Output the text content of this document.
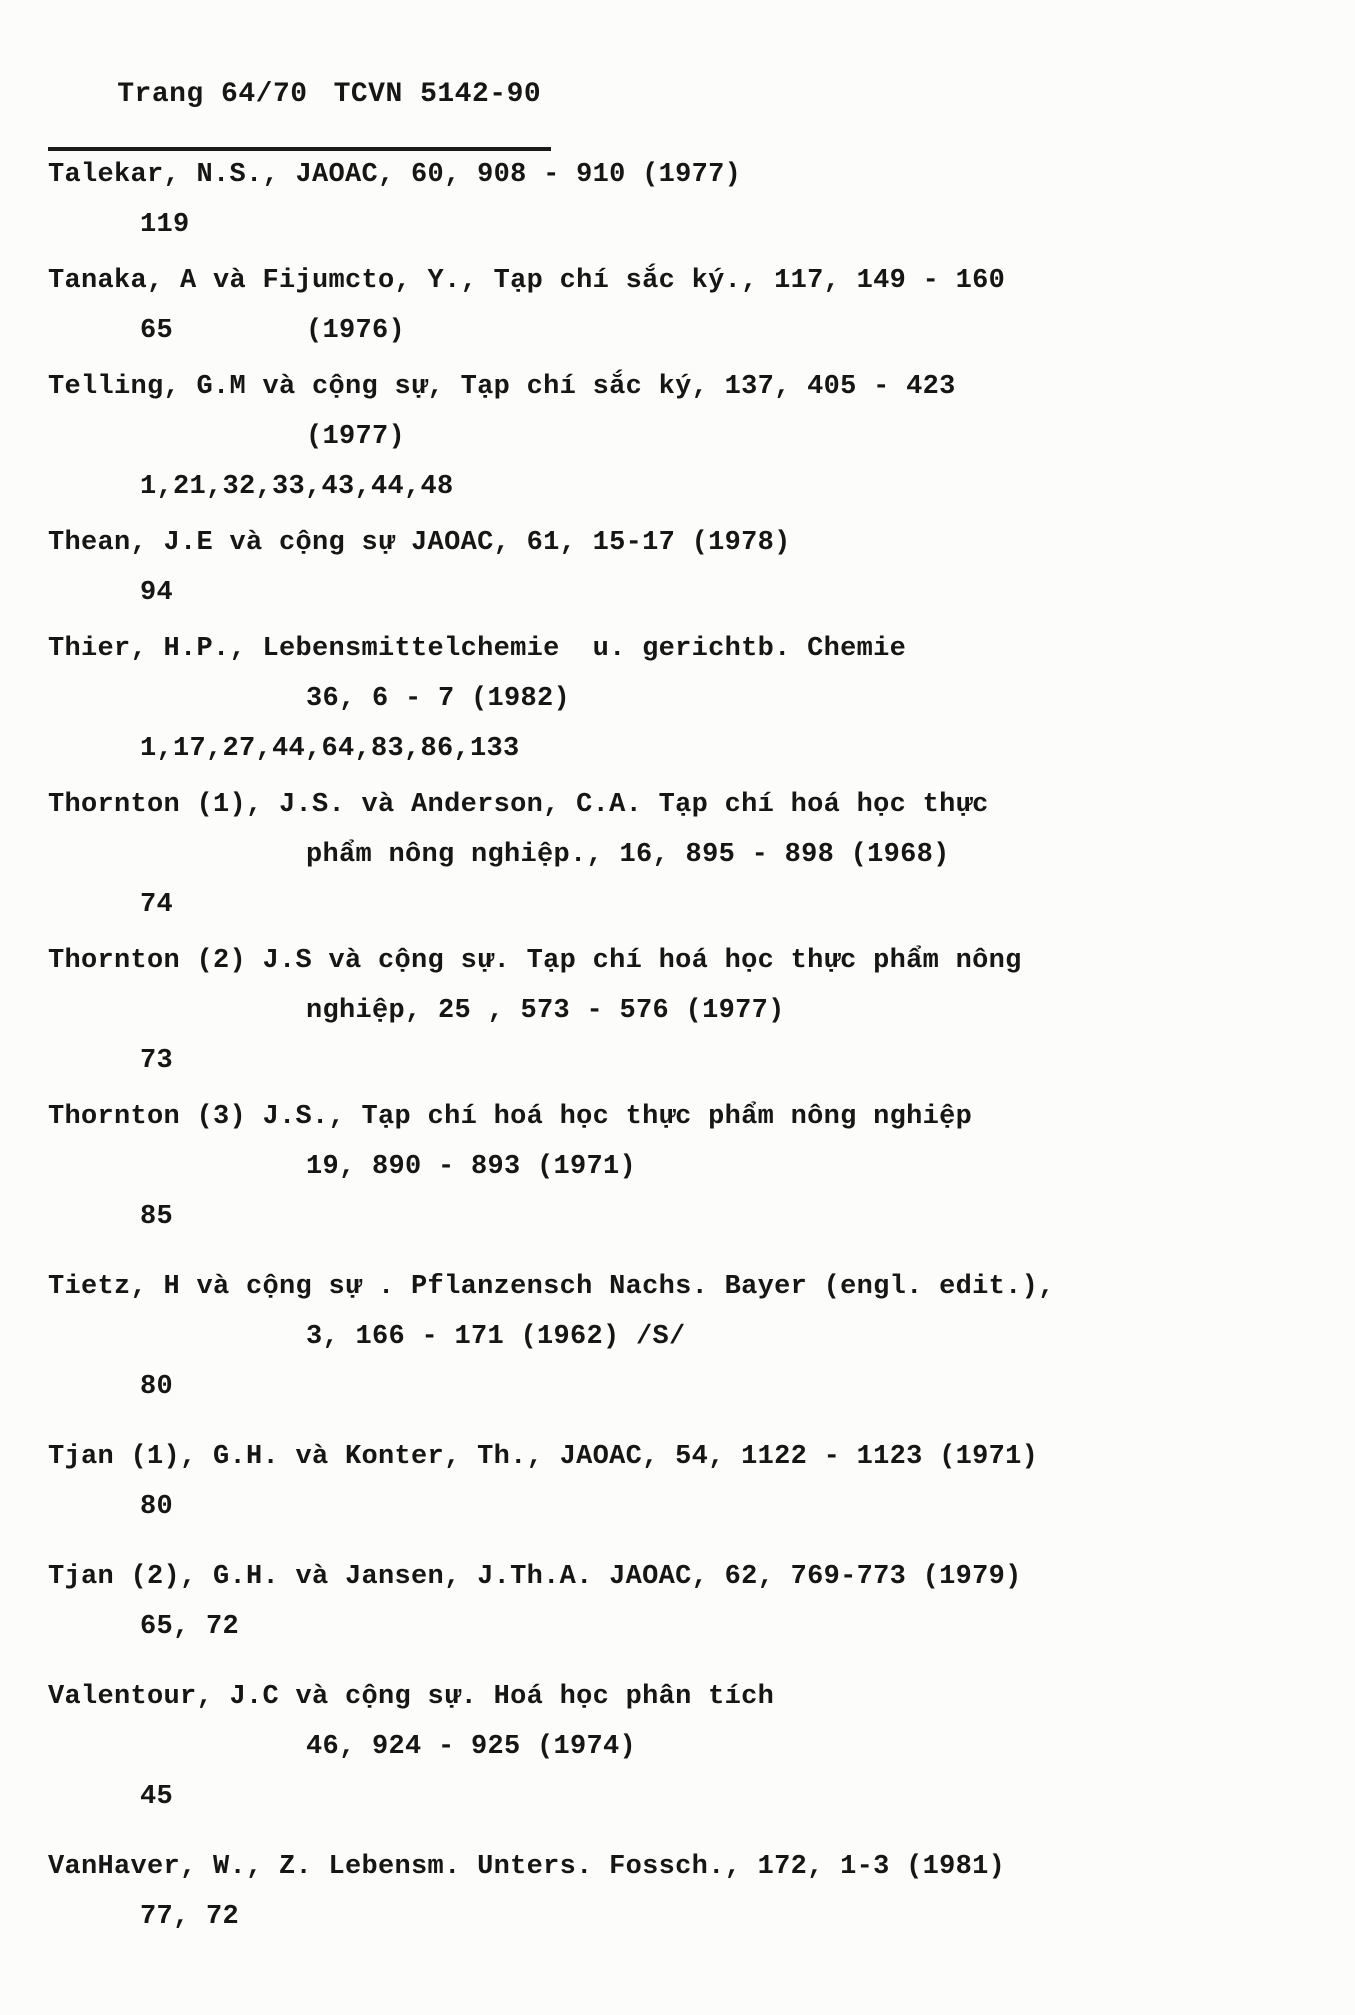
Trang 64/70 TCVN 5142-90

Talekar, N.S., JAOAC, 60, 908 - 910 (1977)
119
Tanaka, A và Fijumcto, Y., Tạp chí sắc ký., 117, 149 - 160
65	(1976)
Telling, G.M và cộng sự, Tạp chí sắc ký, 137, 405 - 423
(1977)
1,21,32,33,43,44,48
Thean, J.E và cộng sự JAOAC, 61, 15-17 (1978)
94
Thier, H.P., Lebensmittelchemie  u. gerichtb. Chemie
36, 6 - 7 (1982)
1,17,27,44,64,83,86,133
Thornton (1), J.S. và Anderson, C.A. Tạp chí hoá học thực
phẩm nông nghiệp., 16, 895 - 898 (1968)
74
Thornton (2) J.S và cộng sự. Tạp chí hoá học thực phẩm nông
nghiệp, 25 , 573 - 576 (1977)
73
Thornton (3) J.S., Tạp chí hoá học thực phẩm nông nghiệp
19, 890 - 893 (1971)
85
Tietz, H và cộng sự . Pflanzensch Nachs. Bayer (engl. edit.),
3, 166 - 171 (1962) /S/
80
Tjan (1), G.H. và Konter, Th., JAOAC, 54, 1122 - 1123 (1971)
80
Tjan (2), G.H. và Jansen, J.Th.A. JAOAC, 62, 769-773 (1979)
65, 72
Valentour, J.C và cộng sự. Hoá học phân tích
46, 924 - 925 (1974)
45
VanHaver, W., Z. Lebensm. Unters. Fossch., 172, 1-3 (1981)
77, 72
